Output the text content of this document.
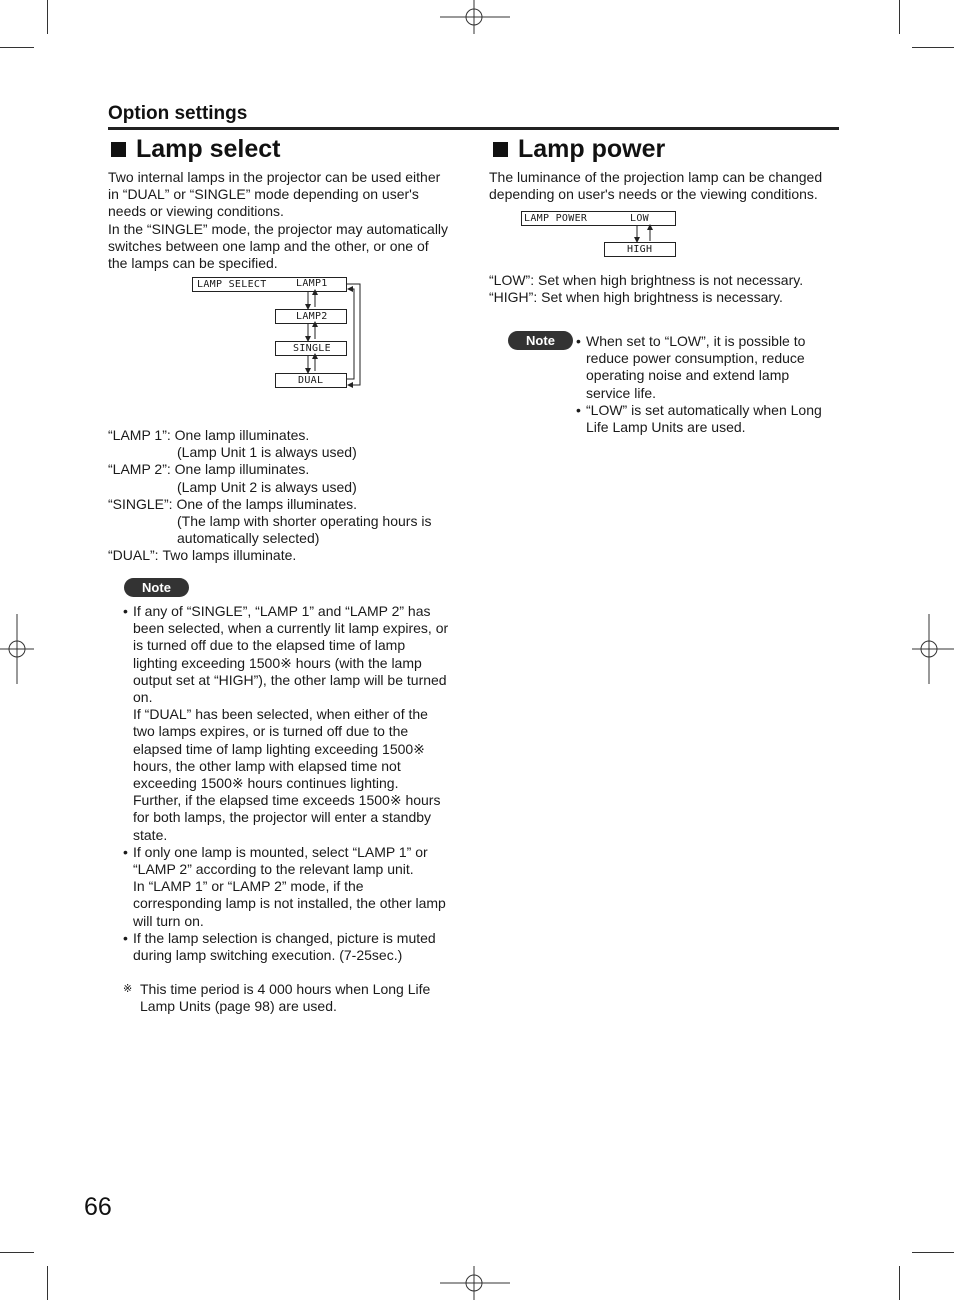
Option settings
Lamp select

Two internal lamps in the projector can be used either

in “DUAL” or “SINGLE” mode depending on user's

needs or viewing conditions.

In the “SINGLE” mode, the projector may automatically

switches between one lamp and the other, or one of

the lamps can be specified.

LAMP SELECT	LAMP1
LAMP2
SINGLE
DUAL
“LAMP 1”:
One lamp illuminates.
(Lamp Unit 1 is always used)
“LAMP 2”:
One lamp illuminates.
(Lamp Unit 2 is always used)
“SINGLE”:
One of the lamps illuminates.
(The lamp with shorter operating hours is
automatically selected)
“DUAL”:
Two lamps illuminate.
Note
• If any of “SINGLE”, “LAMP 1” and “LAMP 2” has

been selected, when a currently lit lamp expires, or

is turned off due to the elapsed time of lamp

lighting exceeding 1500※ hours (with the lamp

output set at “HIGH”), the other lamp will be turned

on.

If “DUAL” has been selected, when either of the

two lamps expires, or is turned off due to the

elapsed time of lamp lighting exceeding 1500※

hours, the other lamp with elapsed time not

exceeding 1500※ hours continues lighting.

Further, if the elapsed time exceeds 1500※ hours

for both lamps, the projector will enter a standby

state.

• If only one lamp is mounted, select “LAMP 1” or

“LAMP 2” according to the relevant lamp unit.

In “LAMP 1” or “LAMP 2” mode, if the

corresponding lamp is not installed, the other lamp

will turn on.

• If the lamp selection is changed, picture is muted

during lamp switching execution. (7-25sec.)

※ This time period is 4 000 hours when Long Life

Lamp Units (page 98) are used.

Lamp power

The luminance of the projection lamp can be changed

depending on user's needs or the viewing conditions.

LAMP POWER	LOW
HIGH

“LOW”: Set when high brightness is not necessary.

“HIGH”: Set when high brightness is necessary.

Note	• When set to “LOW”, it is possible to

reduce power consumption, reduce

operating noise and extend lamp

service life.

• “LOW” is set automatically when Long

Life Lamp Units are used.

66
